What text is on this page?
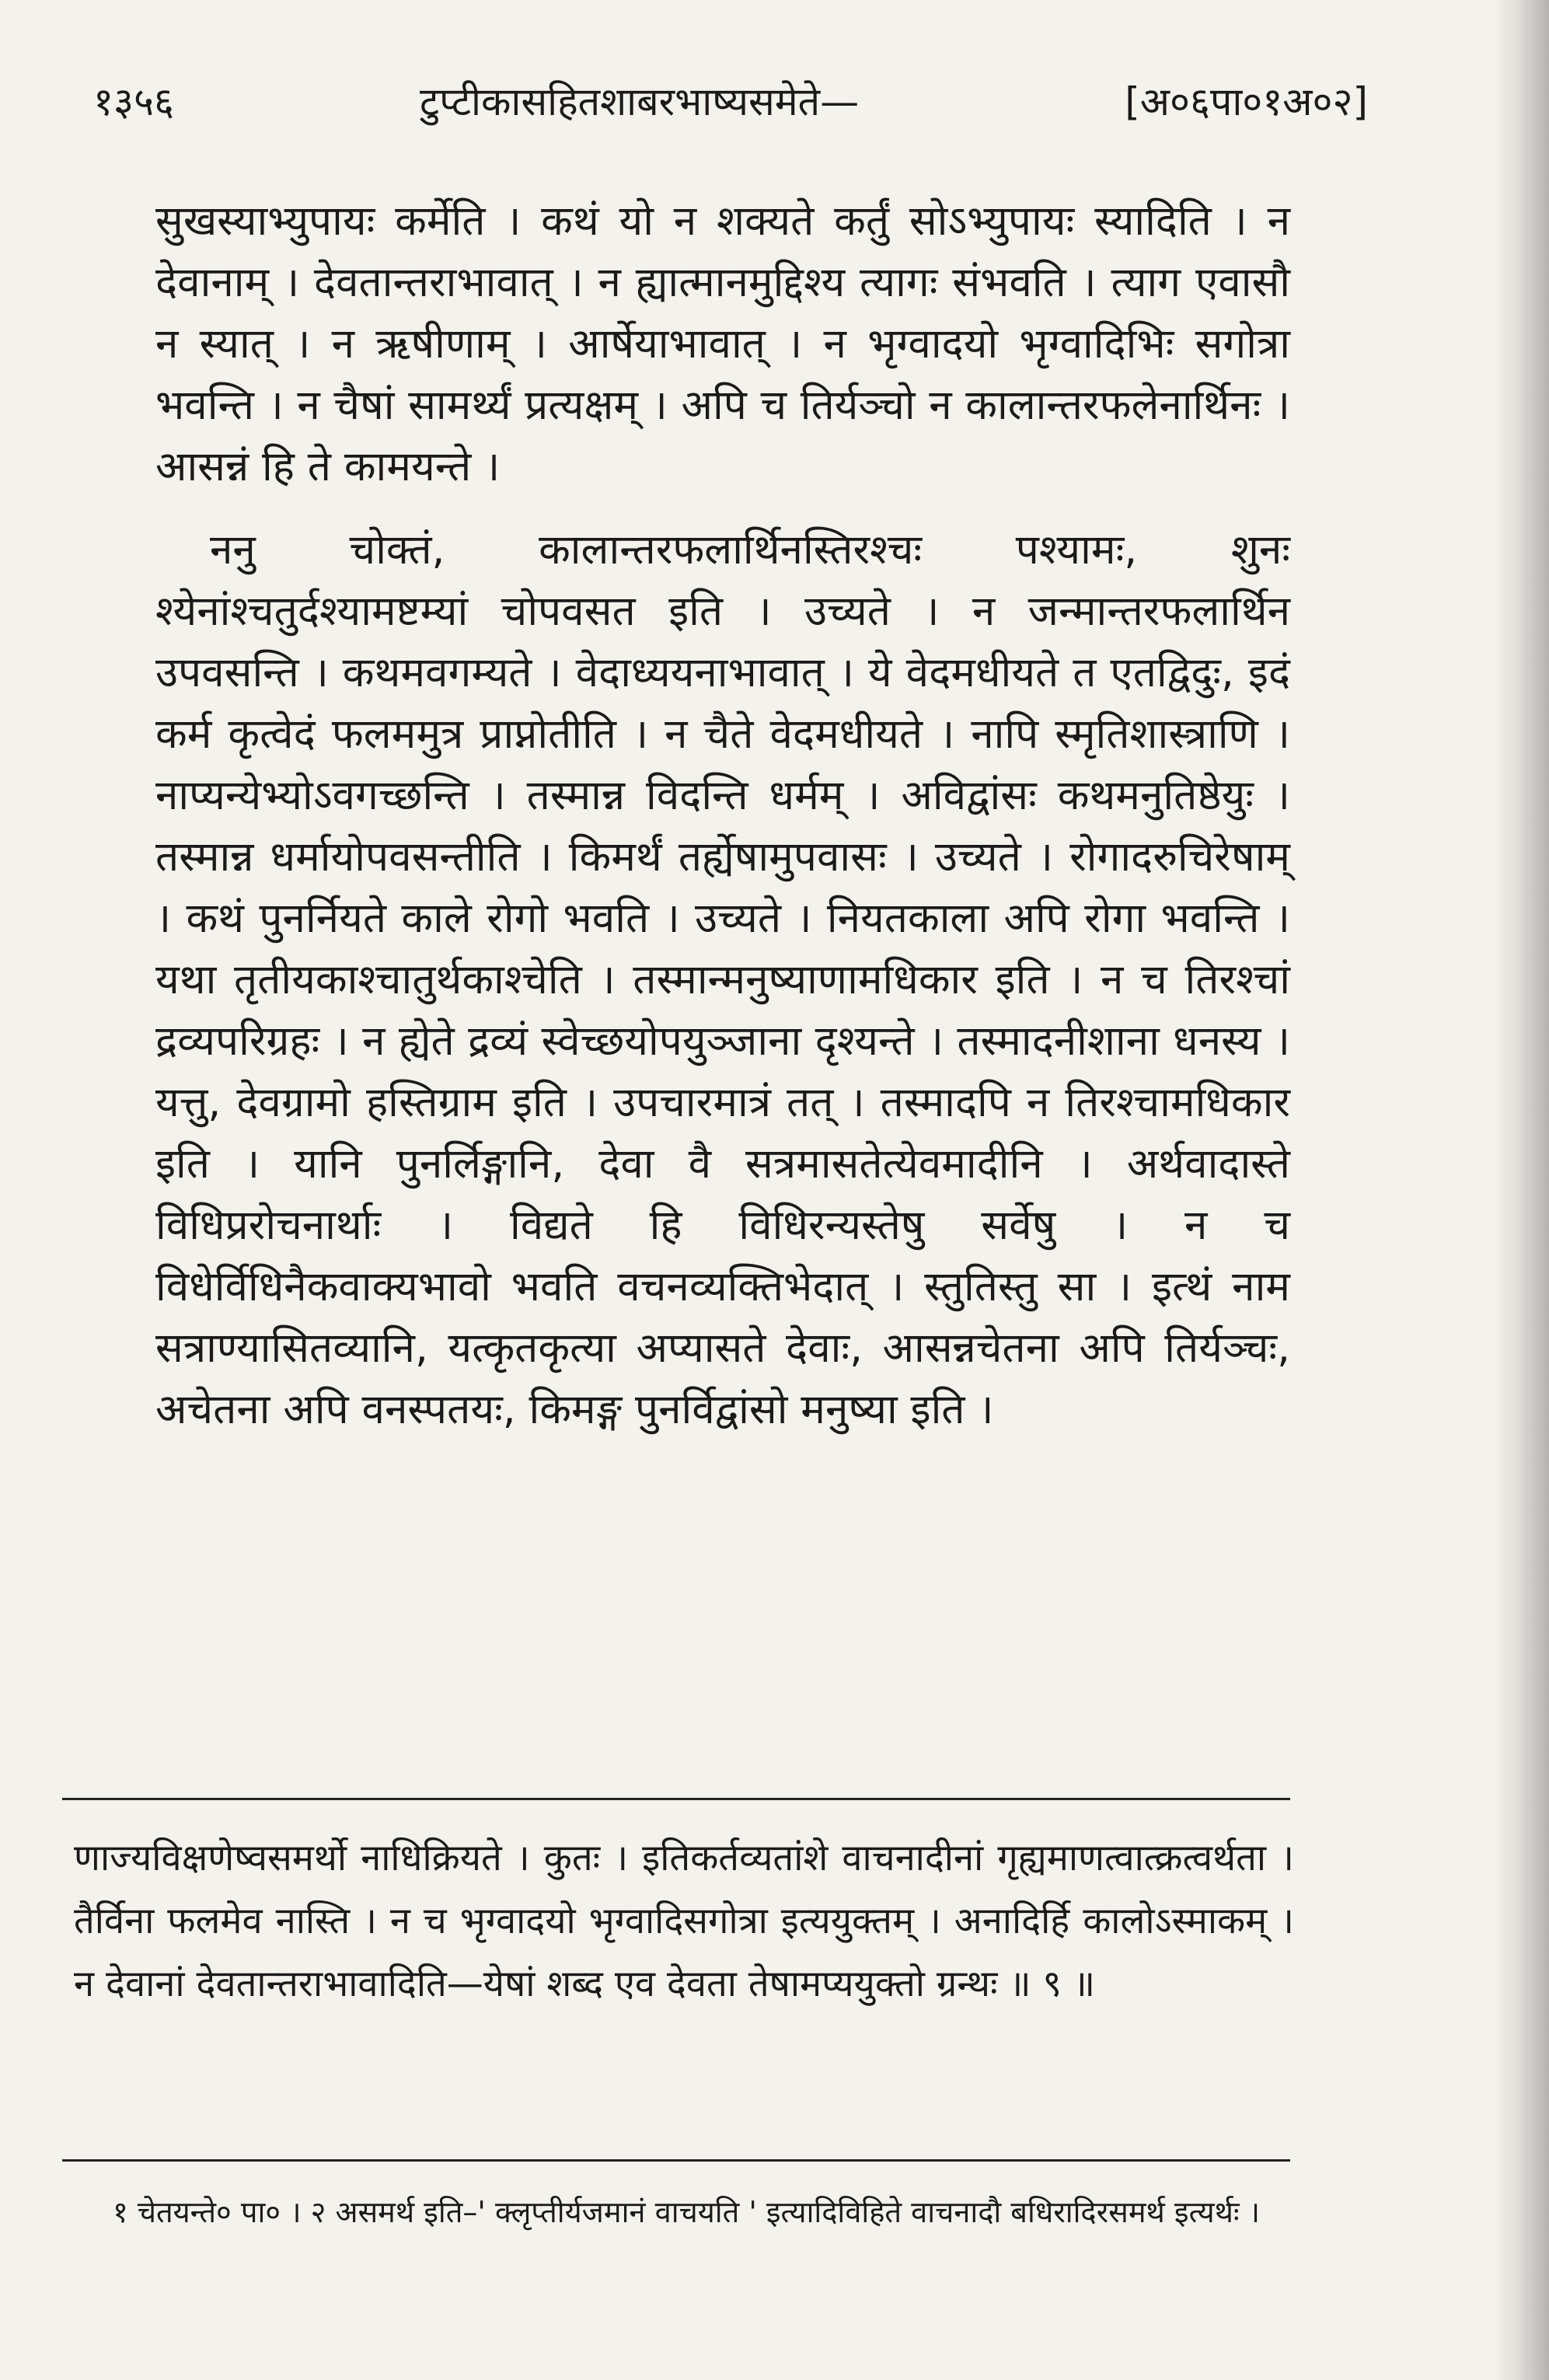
१३५६	टुप्टीकासहितशाबरभाष्यसमेते—	[अ०६पा०१अ०२]

सुखस्याभ्युपायः कर्मेति । कथं यो न शक्यते कर्तुं सोऽभ्युपायः स्यादिति । न देवानाम् । देवतान्तराभावात् । न ह्यात्मानमुद्दिश्य त्यागः संभवति । त्याग एवासौ न स्यात् । न ऋषीणाम् । आर्षेयाभावात् । न भृग्वादयो भृग्वादिभिः सगोत्रा भवन्ति । न चैषां सामर्थ्यं प्रत्यक्षम् । अपि च तिर्यञ्चो न कालान्तरफलेनार्थिनः । आसन्नं हि ते कामयन्ते ।

ननु चोक्तं, कालान्तरफलार्थिनस्तिरश्चः पश्यामः, शुनः श्येनांश्चतुर्दश्यामष्टम्यां चोपवसत इति । उच्यते । न जन्मान्तरफलार्थिन उपवसन्ति । कथमवगम्यते । वेदाध्ययनाभावात् । ये वेदमधीयते त एतद्विदुः, इदं कर्म कृत्वेदं फलममुत्र प्राप्नोतीति । न चैते वेदमधीयते । नापि स्मृतिशास्त्राणि । नाप्यन्येभ्योऽवगच्छन्ति । तस्मान्न विदन्ति धर्मम् । अविद्वांसः कथमनुतिष्ठेयुः । तस्मान्न धर्मायोपवसन्तीति । किमर्थं तर्ह्येषामुपवासः । उच्यते । रोगादरुचिरेषाम् । कथं पुनर्नियते काले रोगो भवति । उच्यते । नियतकाला अपि रोगा भवन्ति । यथा तृतीयकाश्चातुर्थकाश्चेति । तस्मान्मनुष्याणामधिकार इति । न च तिरश्चां द्रव्यपरिग्रहः । न ह्येते द्रव्यं स्वेच्छयोपयुञ्जाना दृश्यन्ते । तस्मादनीशाना धनस्य । यत्तु, देवग्रामो हस्तिग्राम इति । उपचारमात्रं तत् । तस्मादपि न तिरश्चामधिकार इति । यानि पुनर्लिङ्गानि, देवा वै सत्रमासतेत्येवमादीनि । अर्थवादास्ते विधिप्ररोचनार्थाः । विद्यते हि विधिरन्यस्तेषु सर्वेषु । न च विधेर्विधिनैकवाक्यभावो भवति वचनव्यक्तिभेदात् । स्तुतिस्तु सा । इत्थं नाम सत्राण्यासितव्यानि, यत्कृतकृत्या अप्यासते देवाः, आसन्नचेतना अपि तिर्यञ्चः, अचेतना अपि वनस्पतयः, किमङ्ग पुनर्विद्वांसो मनुष्या इति ।

णाज्यविक्षणेष्वसमर्थो नाधिक्रियते । कुतः । इतिकर्तव्यतांशे वाचनादीनां गृह्यमाणत्वात्क्रत्वर्थता । तैर्विना फलमेव नास्ति । न च भृग्वादयो भृग्वादिसगोत्रा इत्ययुक्तम् । अनादिर्हि कालोऽस्माकम् । न देवानां देवतान्तराभावादिति—येषां शब्द एव देवता तेषामप्ययुक्तो ग्रन्थः ॥ ९ ॥

१ चेतयन्ते० पा० । २ असमर्थ इति–' क्लृप्तीर्यजमानं वाचयति ' इत्यादिविहिते वाचनादौ बधिरादिरसमर्थ इत्यर्थः ।
